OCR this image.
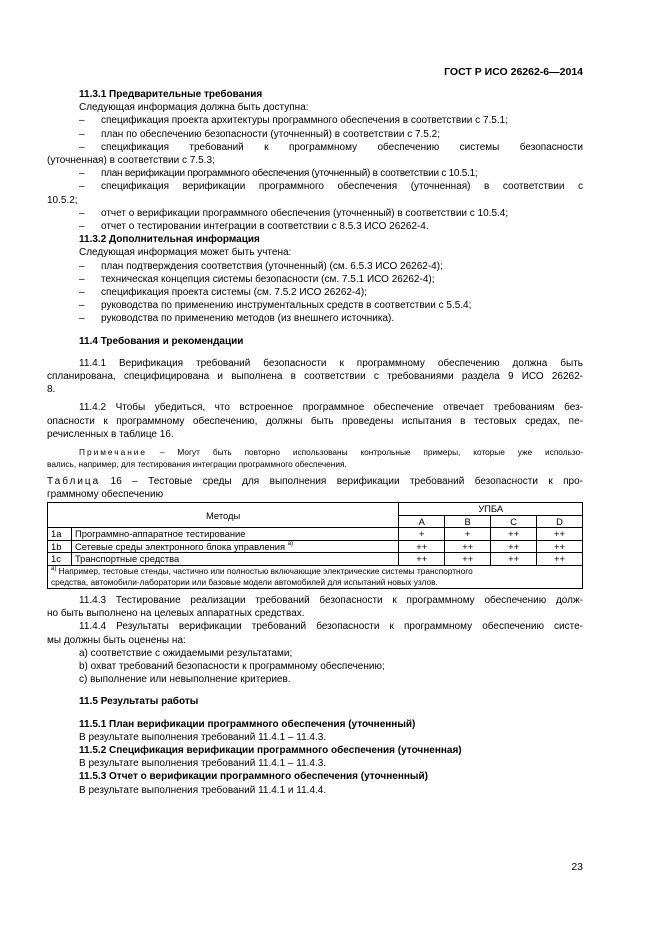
ГОСТ Р ИСО 26262-6—2014

11.3.1 Предварительные требования

Следующая информация должна быть доступна:

– спецификация проекта архитектуры программного обеспечения в соответствии с 7.5.1;
– план по обеспечению безопасности (уточненный) в соответствии с 7.5.2;
– спецификация требований к программному обеспечению системы безопасности
(уточненная) в соответствии с 7.5.3;
– план верификации программного обеспечения (уточненный) в соответствии с 10.5.1;
– спецификация верификации программного обеспечения (уточненная) в соответствии с
10.5.2;
– отчет о верификации программного обеспечения (уточненный) в соответствии с 10.5.4;
– отчет о тестировании интеграции в соответствии с 8.5.3 ИСО 26262-4.

11.3.2 Дополнительная информация

Следующая информация может быть учтена:

– план подтверждения соответствия (уточненный) (см. 6.5.3 ИСО 26262-4);
– техническая концепция системы безопасности (см. 7.5.1 ИСО 26262-4);
– спецификация проекта системы (см. 7.5.2 ИСО 26262-4);
– руководства по применению инструментальных средств в соответствии с 5.5.4;
– руководства по применению методов (из внешнего источника).

11.4 Требования и рекомендации

11.4.1 Верификация требований безопасности к программному обеспечению должна быть
спланирована, специфицирована и выполнена в соответствии с требованиями раздела 9 ИСО 26262-
8.
11.4.2 Чтобы убедиться, что встроенное программное обеспечение отвечает требованиям без-
опасности к программному обеспечению, должны быть проведены испытания в тестовых средах, пе-
речисленных в таблице 16.
Примечание – Могут быть повторно использованы контрольные примеры, которые уже использо-
вались, например, для тестирования интеграции программного обеспечения.
Таблица 16 – Тестовые среды для выполнения верификации требований безопасности к про-
граммному обеспечению
Методы		УПБА			
		A	B	C	D
1a	Программно-аппаратное тестирование	+	+	++	++
1b	Сетевые среды электронного блока управления $^{a)}$	++	++	++	++
1c	Транспортные средства	++	++	++	++
$^{a)}$ Например, тестовые стенды, частично или полностью включающие электрические системы транспортного
средства, автомобили-лаборатории или базовые модели автомобилей для испытаний новых узлов.					
11.4.3 Тестирование реализации требований безопасности к программному обеспечению долж-
но быть выполнено на целевых аппаратных средствах.
11.4.4 Результаты верификации требований безопасности к программному обеспечению систе-
мы должны быть оценены на:
a) соответствие с ожидаемыми результатами;
b) охват требований безопасности к программному обеспечению;
c) выполнение или невыполнение критериев.

11.5 Результаты работы

11.5.1 План верификации программного обеспечения (уточненный)

В результате выполнения требований 11.4.1 – 11.4.3.

11.5.2 Спецификация верификации программного обеспечения (уточненная)

В результате выполнения требований 11.4.1 – 11.4.3.

11.5.3 Отчет о верификации программного обеспечения (уточненный)

В результате выполнения требований 11.4.1 и 11.4.4.

23
